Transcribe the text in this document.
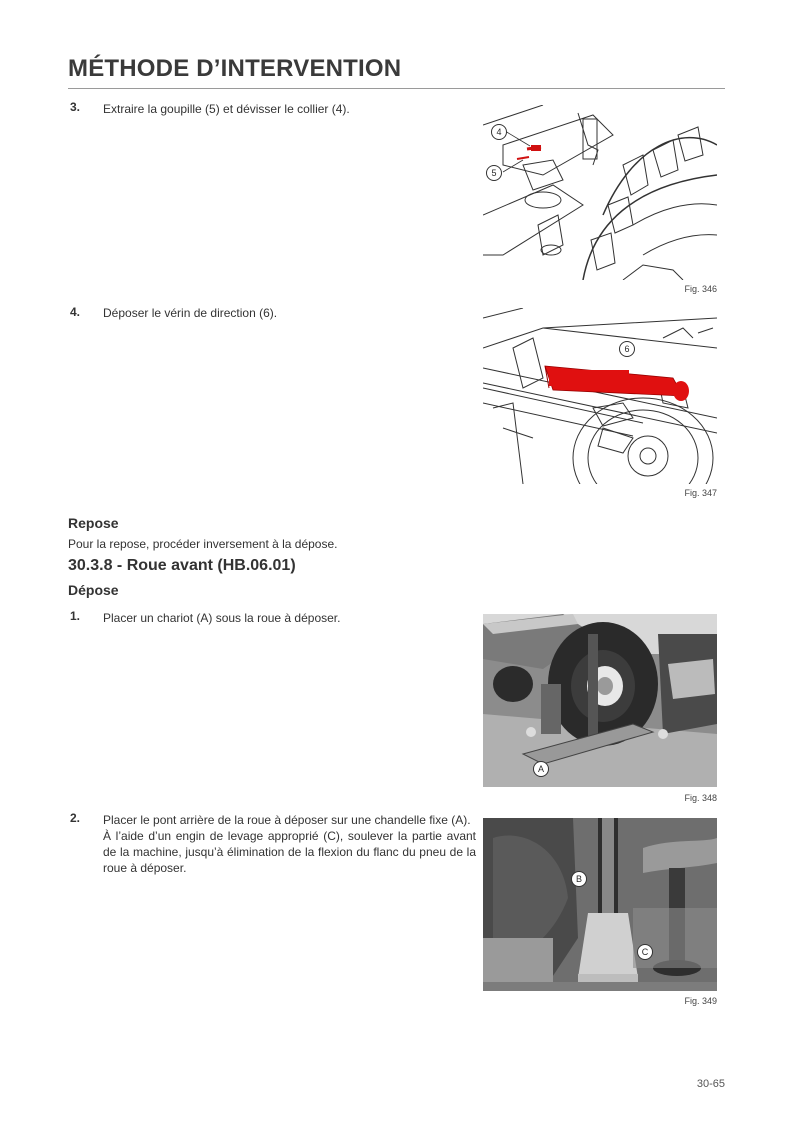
MÉTHODE D’INTERVENTION
3. Extraire la goupille (5) et dévisser le collier (4).
4
5
Fig. 346
4. Déposer le vérin de direction (6).
6
Fig. 347
Repose
Pour la repose, procéder inversement à la dépose.
30.3.8 - Roue avant (HB.06.01)
Dépose
1. Placer un chariot (A) sous la roue à déposer.
A
Fig. 348
2. Placer le pont arrière de la roue à déposer sur une chandelle fixe (A).
À l’aide d’un engin de levage approprié (C), soulever la partie avant de la machine, jusqu’à élimination de la flexion du flanc du pneu de la roue à déposer.
B
C
Fig. 349
30-65
